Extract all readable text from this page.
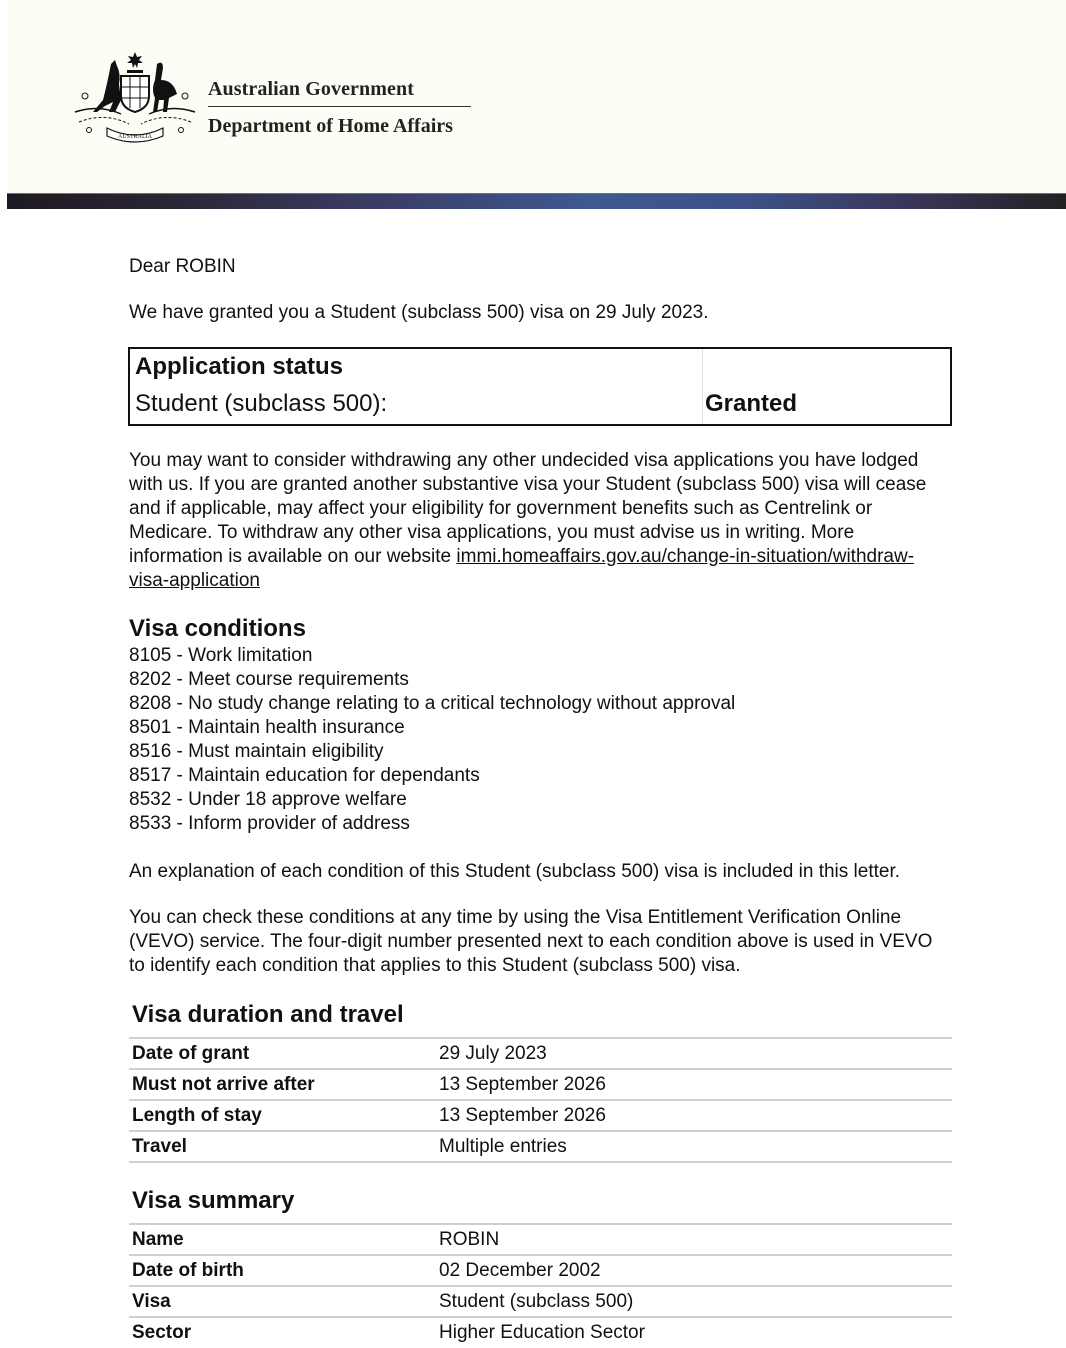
AUSTRALIA
Australian Government
Department of Home Affairs

Dear ROBIN

We have granted you a Student (subclass 500) visa on 29 July 2023.

Application status
Student (subclass 500):	Granted

You may want to consider withdrawing any other undecided visa applications you have lodged with us. If you are granted another substantive visa your Student (subclass 500) visa will cease and if applicable, may affect your eligibility for government benefits such as Centrelink or Medicare. To withdraw any other visa applications, you must advise us in writing. More information is available on our website immi.homeaffairs.gov.au/change-in-situation/withdraw-visa-application

Visa conditions
8105 - Work limitation
8202 - Meet course requirements
8208 - No study change relating to a critical technology without approval
8501 - Maintain health insurance
8516 - Must maintain eligibility
8517 - Maintain education for dependants
8532 - Under 18 approve welfare
8533 - Inform provider of address

An explanation of each condition of this Student (subclass 500) visa is included in this letter.

You can check these conditions at any time by using the Visa Entitlement Verification Online (VEVO) service. The four-digit number presented next to each condition above is used in VEVO to identify each condition that applies to this Student (subclass 500) visa.

Visa duration and travel
Date of grant	29 July 2023
Must not arrive after	13 September 2026
Length of stay	13 September 2026
Travel	Multiple entries
Visa summary
Name	ROBIN
Date of birth	02 December 2002
Visa	Student (subclass 500)
Sector	Higher Education Sector
